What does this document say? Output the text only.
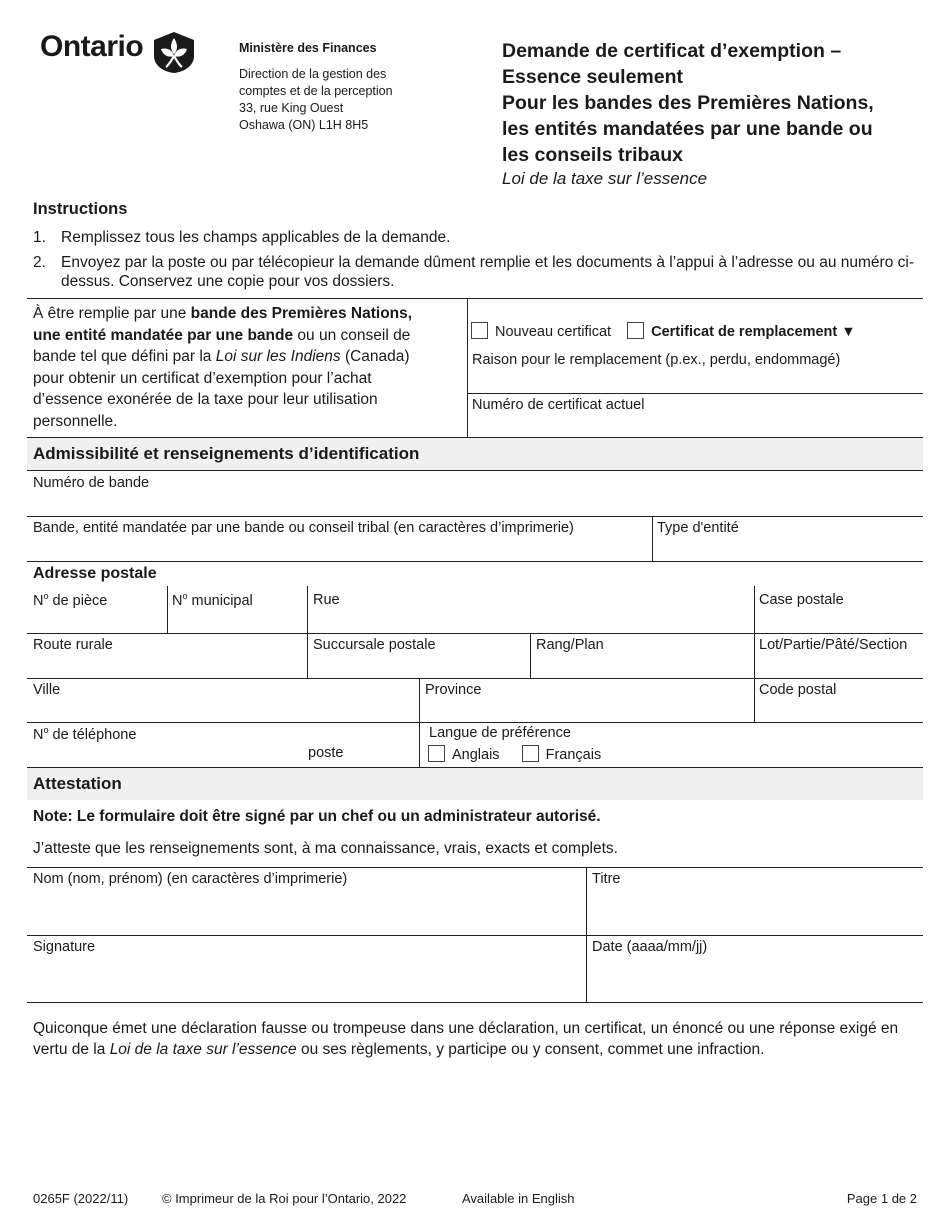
Ontario	Ministère des Finances
Direction de la gestion des
comptes et de la perception
33, rue King Ouest
Oshawa (ON) L1H 8H5
Demande de certificat d’exemption –
Essence seulement
Pour les bandes des Premières Nations,
les entités mandatées par une bande ou
les conseils tribaux
Loi de la taxe sur l’essence
Instructions
1. Remplissez tous les champs applicables de la demande.
2. Envoyez par la poste ou par télécopieur la demande dûment remplie et les documents à l’appui à l’adresse ou au numéro ci-dessus. Conservez une copie pour vos dossiers.
À être remplie par une bande des Premières Nations, une entité mandatée par une bande ou un conseil de bande tel que défini par la Loi sur les Indiens (Canada) pour obtenir un certificat d’exemption pour l’achat d’essence exonérée de la taxe pour leur utilisation personnelle.
Nouveau certificat	Certificat de remplacement ▼
Raison pour le remplacement (p.ex., perdu, endommagé)
Numéro de certificat actuel
Admissibilité et renseignements d’identification
Numéro de bande
Bande, entité mandatée par une bande ou conseil tribal (en caractères d’imprimerie)	Type d'entité
Adresse postale
$N^o$ de pièce	$N^o$ municipal	Rue	Case postale
Route rurale	Succursale postale	Rang/Plan	Lot/Partie/Pâté/Section
Ville	Province	Code postal
$N^o$ de téléphone
poste
Langue de préférence
Anglais	Français
Attestation
Note: Le formulaire doit être signé par un chef ou un administrateur autorisé.
J’atteste que les renseignements sont, à ma connaissance, vrais, exacts et complets.
Nom (nom, prénom) (en caractères d’imprimerie)	Titre
Signature	Date (aaaa/mm/jj)
Quiconque émet une déclaration fausse ou trompeuse dans une déclaration, un certificat, un énoncé ou une réponse exigé en vertu de la Loi de la taxe sur l’essence ou ses règlements, y participe ou y consent, commet une infraction.
0265F (2022/11)	© Imprimeur de la Roi pour l’Ontario, 2022	Available in English	Page 1 de 2
